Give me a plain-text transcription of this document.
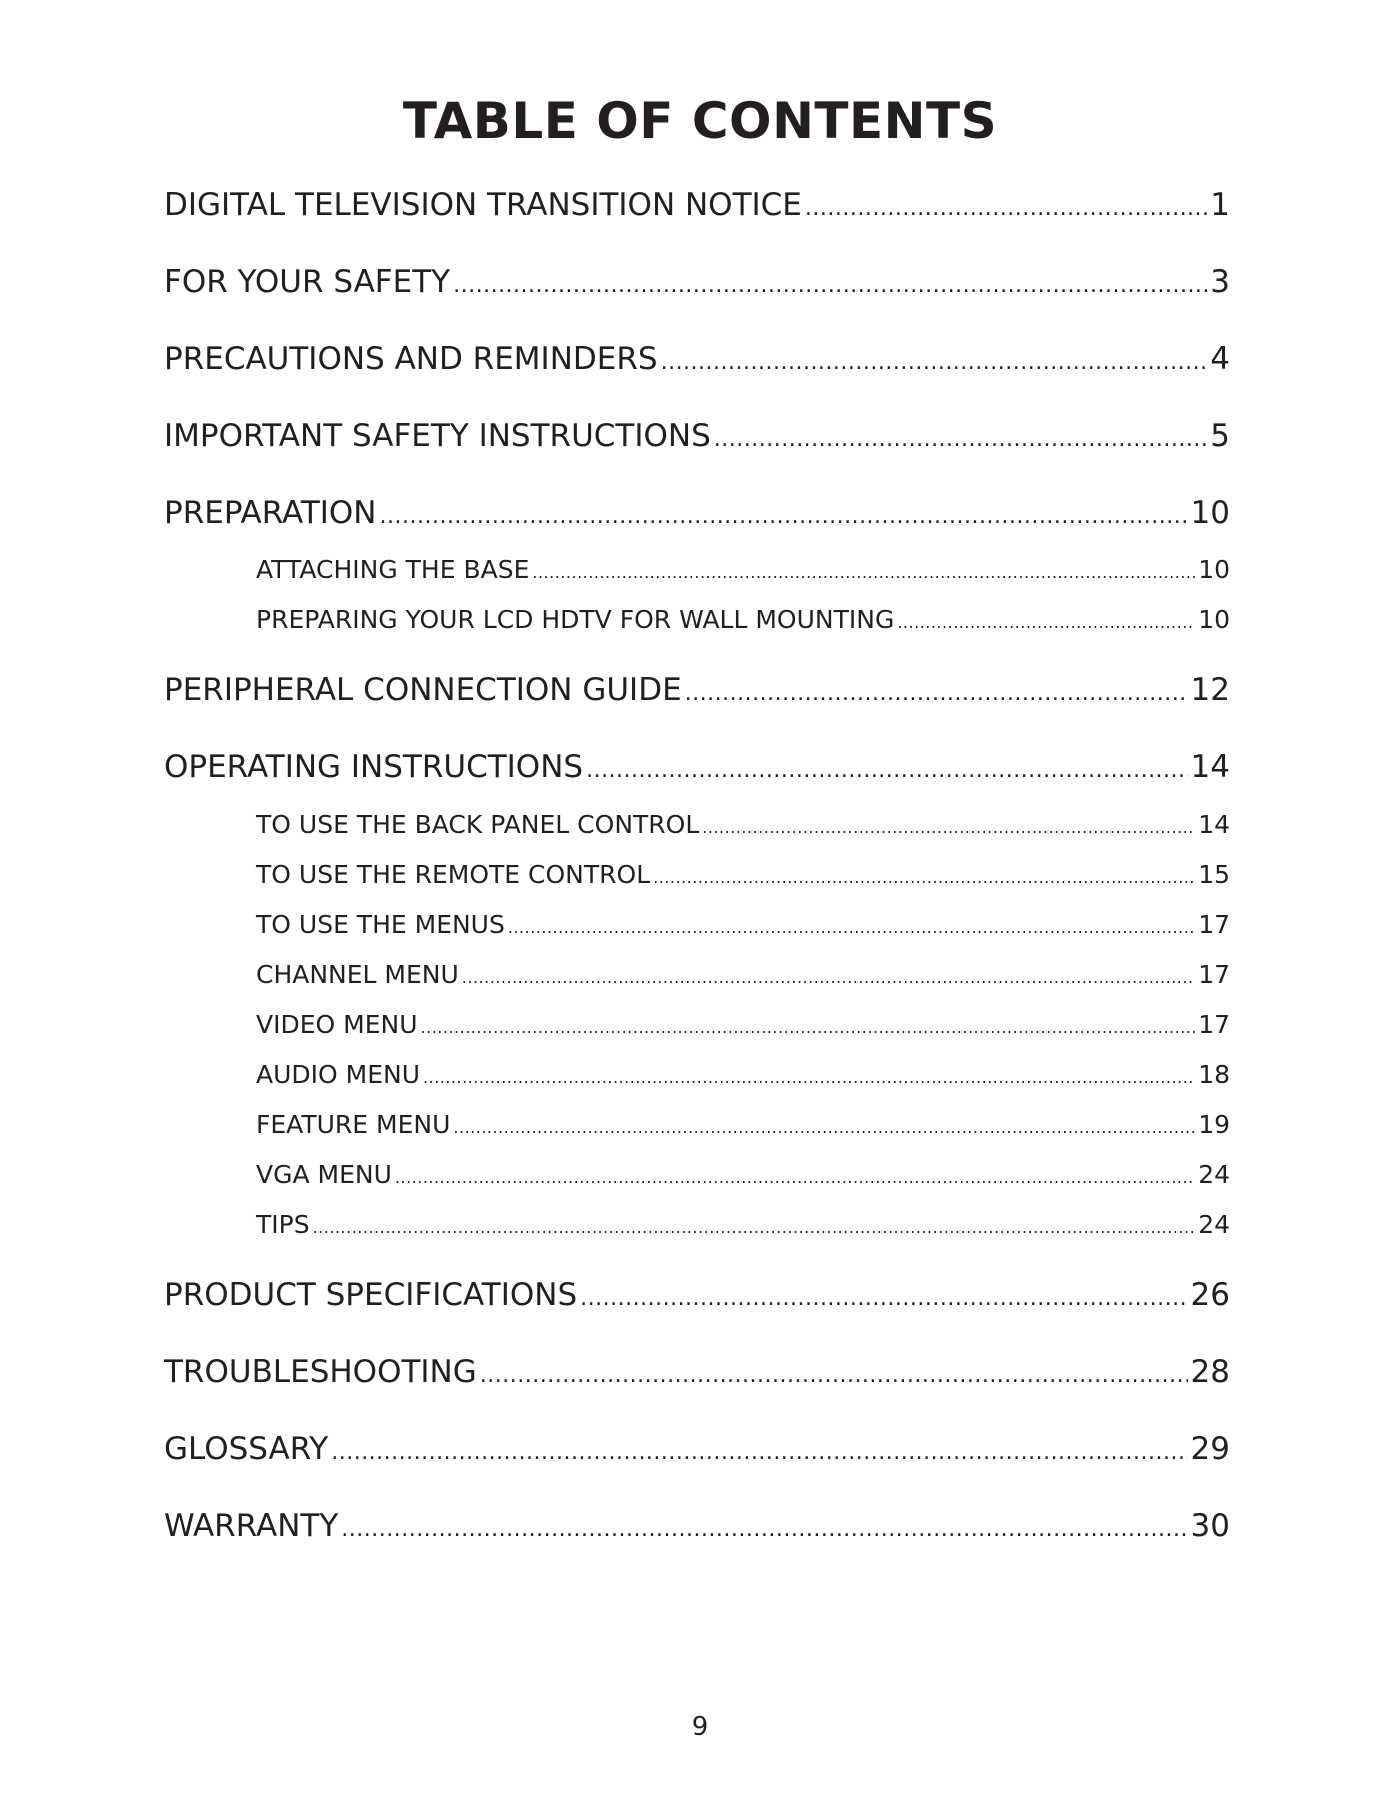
TABLE OF CONTENTS
DIGITAL TELEVISION TRANSITION NOTICE .....	1
FOR YOUR SAFETY .....	3
PRECAUTIONS AND REMINDERS .....	4
IMPORTANT SAFETY INSTRUCTIONS .....	5
PREPARATION .....	10
ATTACHING THE BASE .....	10
PREPARING YOUR LCD HDTV FOR WALL MOUNTING .....	10
PERIPHERAL CONNECTION GUIDE .....	12
OPERATING INSTRUCTIONS .....	14
TO USE THE BACK PANEL CONTROL .....	14
TO USE THE REMOTE CONTROL .....	15
TO USE THE MENUS .....	17
CHANNEL MENU .....	17
VIDEO MENU .....	17
AUDIO MENU .....	18
FEATURE MENU .....	19
VGA MENU .....	24
TIPS .....	24
PRODUCT SPECIFICATIONS .....	26
TROUBLESHOOTING .....	28
GLOSSARY .....	29
WARRANTY .....	30
9
